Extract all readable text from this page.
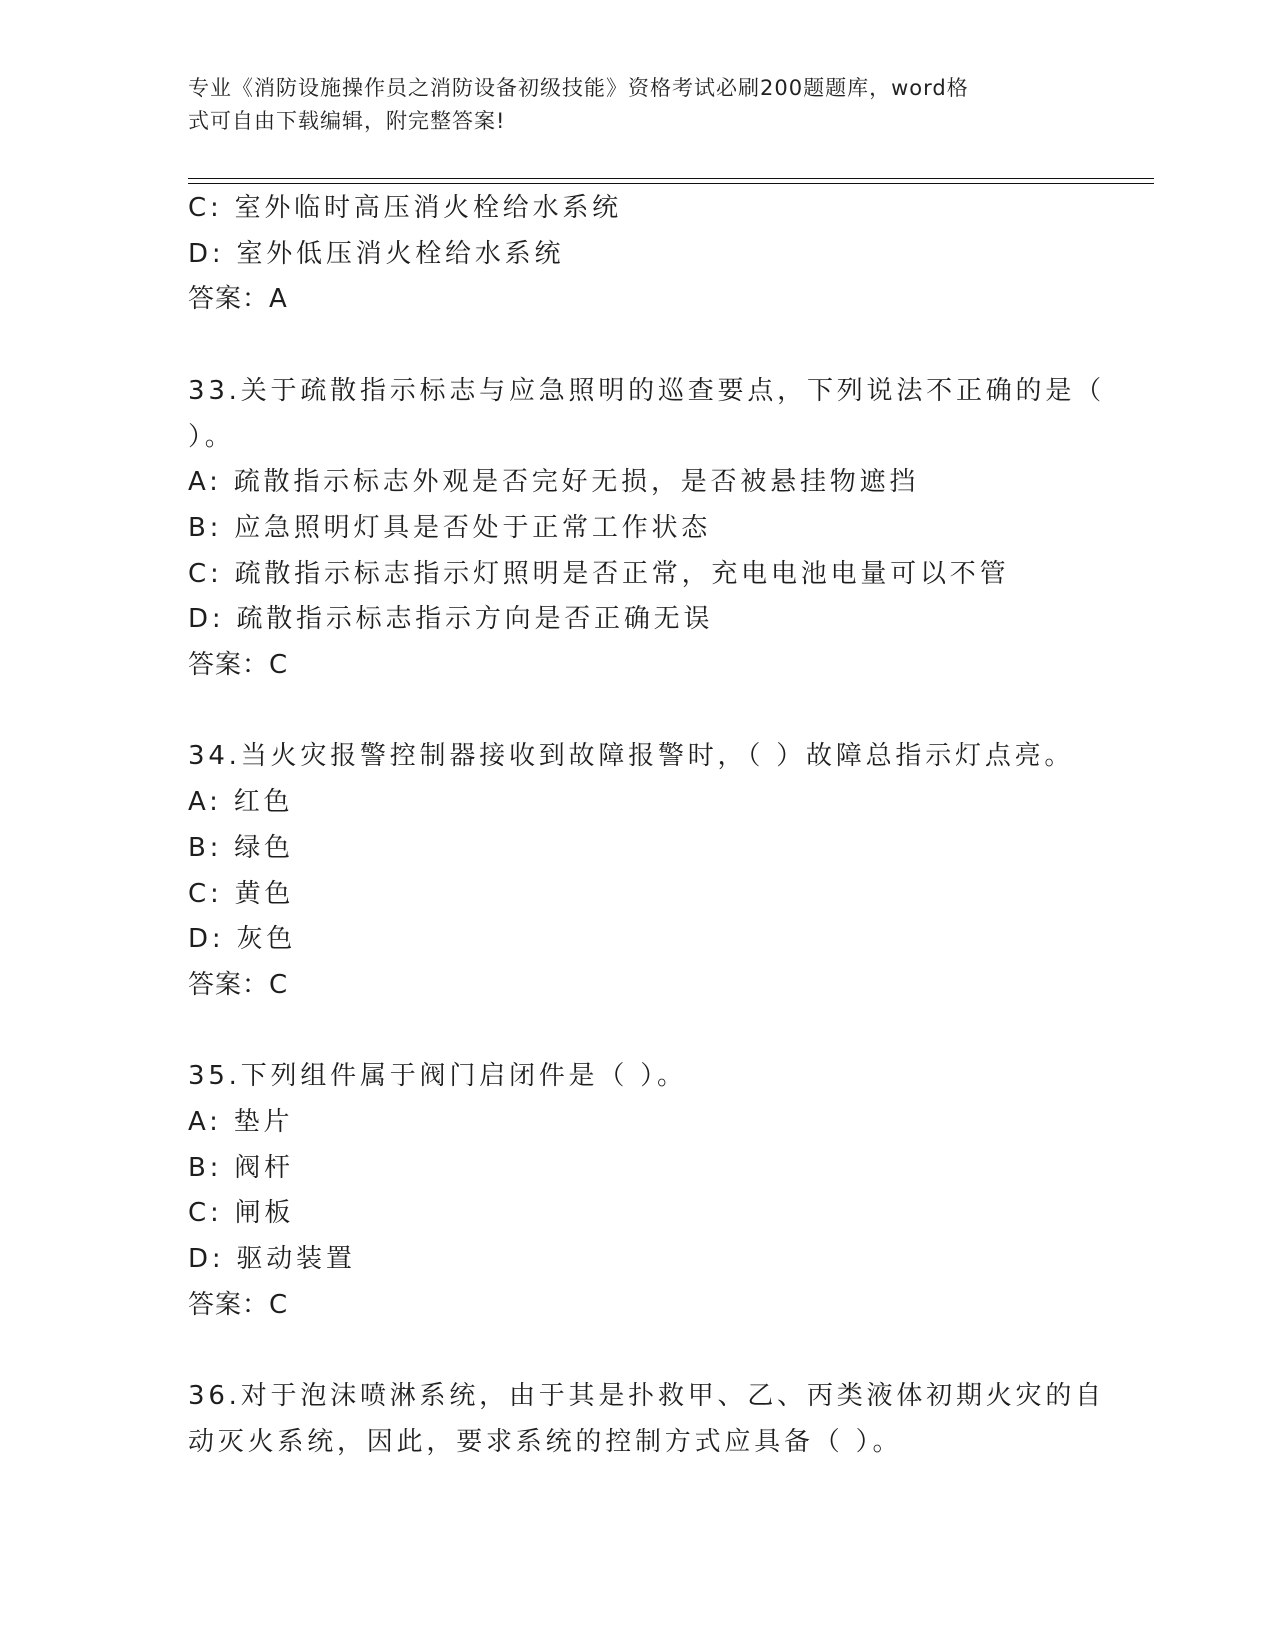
专业《消防设施操作员之消防设备初级技能》资格考试必刷200题题库，word格
式可自由下载编辑，附完整答案!
C: 室外临时高压消火栓给水系统
D: 室外低压消火栓给水系统
答案：A
33.关于疏散指示标志与应急照明的巡查要点，下列说法不正确的是（
）。
A: 疏散指示标志外观是否完好无损，是否被悬挂物遮挡
B: 应急照明灯具是否处于正常工作状态
C: 疏散指示标志指示灯照明是否正常，充电电池电量可以不管
D: 疏散指示标志指示方向是否正确无误
答案：C
34.当火灾报警控制器接收到故障报警时，（ ）故障总指示灯点亮。
A: 红色
B: 绿色
C: 黄色
D: 灰色
答案：C
35.下列组件属于阀门启闭件是（ ）。
A: 垫片
B: 阀杆
C: 闸板
D: 驱动装置
答案：C
36.对于泡沫喷淋系统，由于其是扑救甲、乙、丙类液体初期火灾的自
动灭火系统，因此，要求系统的控制方式应具备（ ）。
